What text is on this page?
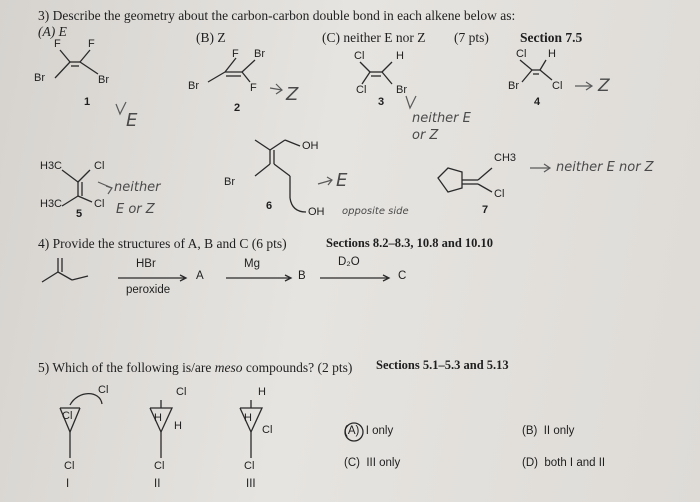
3) Describe the geometry about the carbon-carbon double bond in each alkene below as:
(A) E	(B) Z	(C) neither E nor Z (7 pts) Section 7.5
F F
Br	Br
1
E
F Br
Br	F
2
Z
Cl	H
Cl	Br
3
neither E or Z
Cl H
Br	Cl
4
Z
H3C	Cl
H3C	Cl
5
neither
E or Z
OH
Br
OH
6
E
opposite side
CH3
Cl
7
neither E nor Z
4) Provide the structures of A, B and C (6 pts)	Sections 8.2–8.3, 10.8 and 10.10
HBr
peroxide
A
Mg
B
D₂O
C
5) Which of the following is/are meso compounds? (2 pts) Sections 5.1–5.3 and 5.13
Cl
Cl
Cl
I
Cl
H
H
Cl
II
H
H
Cl
Cl
III
(A) I only	(B) II only
(C) III only	(D) both I and II
